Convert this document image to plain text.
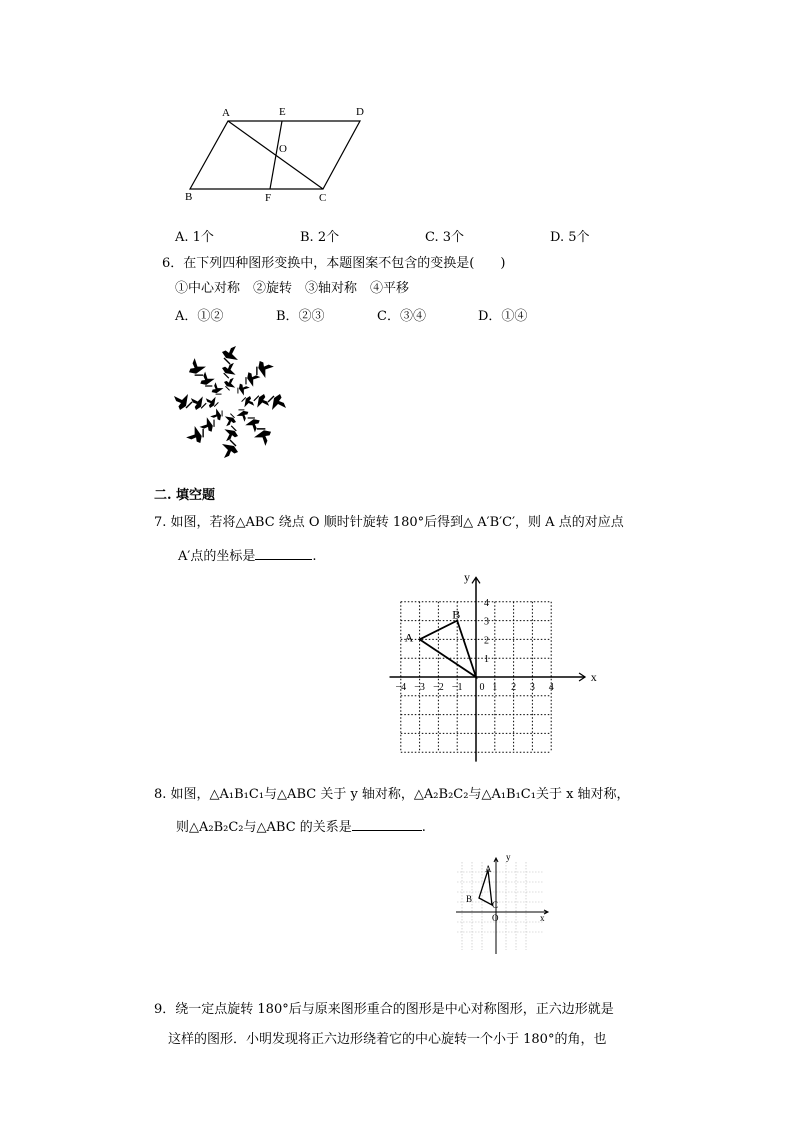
A	E	D
O
B	F	C
A. 1个	B. 2个	C. 3个	D. 5个
6．在下列四种图形变换中，本题图案不包含的变换是(　　)
①中心对称　②旋转　③轴对称　④平移
A．①②	B．②③	C．③④	D．①④
二. 填空题
7. 如图，若将△ABC 绕点 O 顺时针旋转 180°后得到△ A′B′C′，则 A 点的对应点
A′点的坐标是	.
−4 −3 −2 −1 0 1 2 3 4
1
2
3
4
x
y
A
B
8. 如图，△A₁B₁C₁与△ABC 关于 y 轴对称，△A₂B₂C₂与△A₁B₁C₁关于 x 轴对称，
则△A₂B₂C₂与△ABC 的关系是	.
y
x
O
A
B
C
9．绕一定点旋转 180°后与原来图形重合的图形是中心对称图形，正六边形就是
这样的图形．小明发现将正六边形绕着它的中心旋转一个小于 180°的角，也
